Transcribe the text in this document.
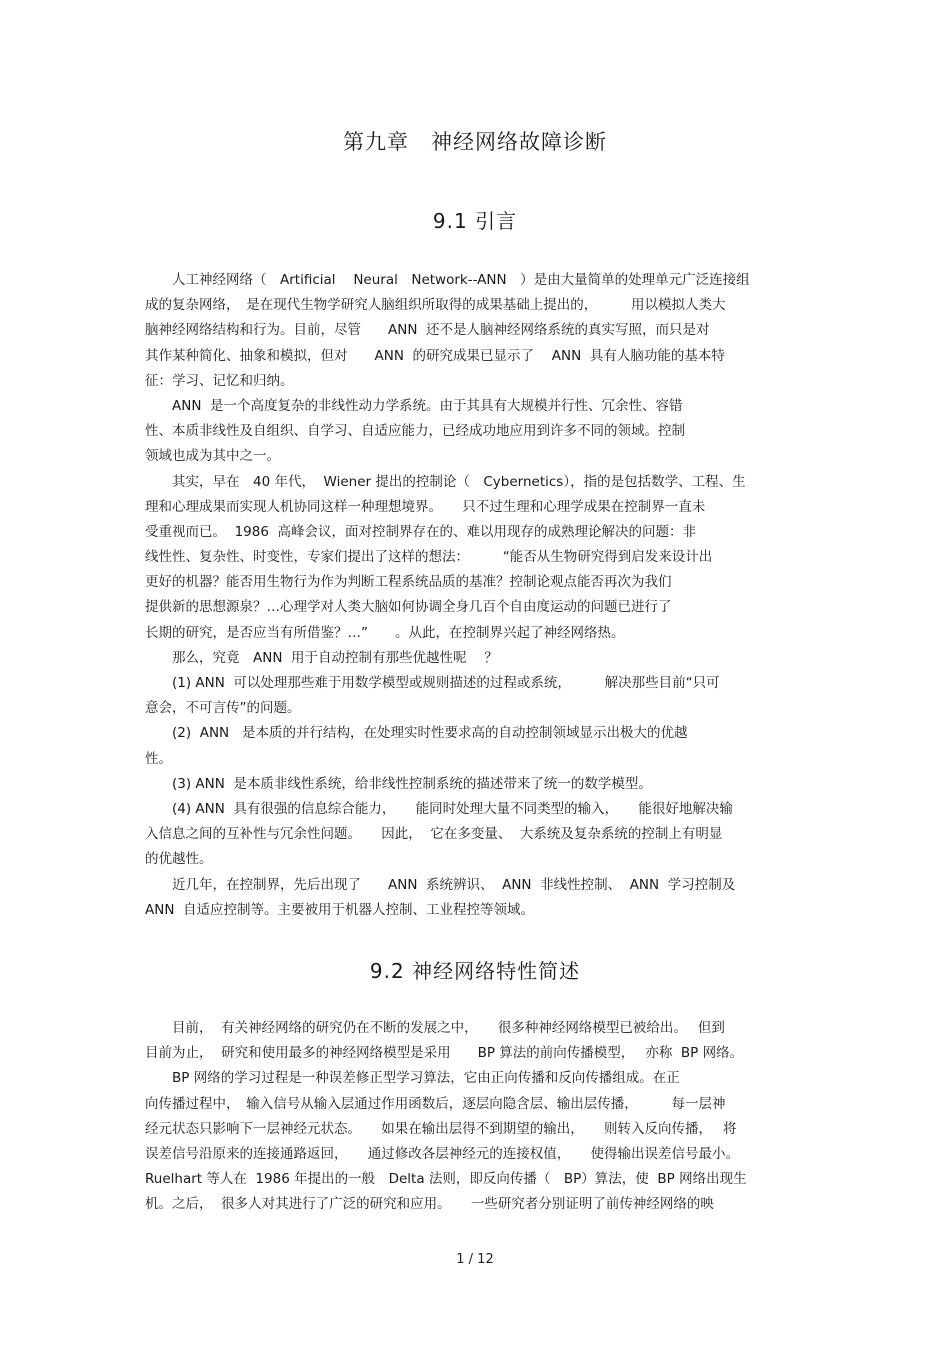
第九章　神经网络故障诊断
9.1 引言
　　人工神经网络（　Artificial　 Neural　Network--ANN　）是由大量简单的处理单元广泛连接组
成的复杂网络，　是在现代生物学研究人脑组织所取得的成果基础上提出的，　　　用以模拟人类大
脑神经网络结构和行为。目前，尽管　　ANN  还不是人脑神经网络系统的真实写照，而只是对
其作某种简化、抽象和模拟，但对　　ANN  的研究成果已显示了　 ANN  具有人脑功能的基本特
征：学习、记忆和归纳。
　　ANN  是一个高度复杂的非线性动力学系统。由于其具有大规模并行性、冗余性、容错
性、本质非线性及自组织、自学习、自适应能力，已经成功地应用到许多不同的领域。控制
领域也成为其中之一。
　　其实，早在　40 年代，  Wiener 提出的控制论（　Cybernetics），指的是包括数学、工程、生
理和心理成果而实现人机协同这样一种理想境界。　　只不过生理和心理学成果在控制界一直未
受重视而已。  1986  高峰会议，面对控制界存在的、难以用现存的成熟理论解决的问题：非
线性性、复杂性、时变性，专家们提出了这样的想法：　　　“能否从生物研究得到启发来设计出
更好的机器？能否用生物行为作为判断工程系统品质的基准？控制论观点能否再次为我们
提供新的思想源泉？…心理学对人类大脑如何协调全身几百个自由度运动的问题已进行了
长期的研究，是否应当有所借鉴？…”　　。从此，在控制界兴起了神经网络热。
　　那么，究竟　ANN  用于自动控制有那些优越性呢　 ？
　　(1) ANN  可以处理那些难于用数学模型或规则描述的过程或系统，　　　解决那些目前“只可
意会，不可言传”的问题。
　　(2)  ANN   是本质的并行结构，在处理实时性要求高的自动控制领域显示出极大的优越
性。
　　(3) ANN  是本质非线性系统，给非线性控制系统的描述带来了统一的数学模型。
　　(4) ANN  具有很强的信息综合能力，　　能同时处理大量不同类型的输入，　　能很好地解决输
入信息之间的互补性与冗余性问题。　　因此，  它在多变量、  大系统及复杂系统的控制上有明显
的优越性。
　　近几年，在控制界，先后出现了　　ANN  系统辨识、  ANN  非线性控制、  ANN  学习控制及
ANN  自适应控制等。主要被用于机器人控制、工业程控等领域。
9.2 神经网络特性简述
　　目前，  有关神经网络的研究仍在不断的发展之中，　　很多种神经网络模型已被给出。　 但到
目前为止，  研究和使用最多的神经网络模型是采用　　BP 算法的前向传播模型，　 亦称  BP 网络。
　　BP 网络的学习过程是一种误差修正型学习算法，它由正向传播和反向传播组成。在正
向传播过程中，　输入信号从输入层通过作用函数后，逐层向隐含层、输出层传播，　　　每一层神
经元状态只影响下一层神经元状态。　　如果在输出层得不到期望的输出，　　则转入反向传播，　 将
误差信号沿原来的连接通路返回，　　通过修改各层神经元的连接权值，　　使得输出误差信号最小。
Ruelhart 等人在  1986 年提出的一般　Delta 法则，即反向传播（　BP）算法，使  BP 网络出现生
机。之后，  很多人对其进行了广泛的研究和应用。　　一些研究者分别证明了前传神经网络的映
1 / 12
